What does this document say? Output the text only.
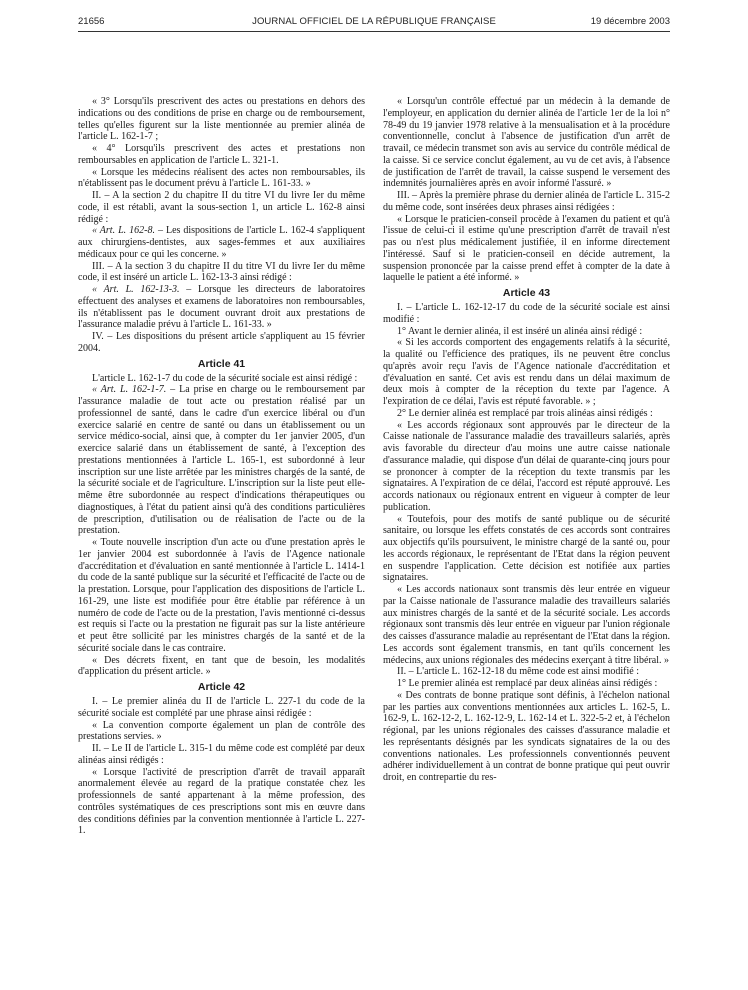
21656	JOURNAL OFFICIEL DE LA RÉPUBLIQUE FRANÇAISE	19 décembre 2003

« 3° Lorsqu'ils prescrivent des actes ou prestations en dehors des indications ou des conditions de prise en charge ou de remboursement, telles qu'elles figurent sur la liste mentionnée au premier alinéa de l'article L. 162-1-7 ;

« 4° Lorsqu'ils prescrivent des actes et prestations non remboursables en application de l'article L. 321-1.

« Lorsque les médecins réalisent des actes non remboursables, ils n'établissent pas le document prévu à l'article L. 161-33. »

II. – A la section 2 du chapitre II du titre VI du livre Ier du même code, il est rétabli, avant la sous-section 1, un article L. 162-8 ainsi rédigé :

« Art. L. 162-8. – Les dispositions de l'article L. 162-4 s'appliquent aux chirurgiens-dentistes, aux sages-femmes et aux auxiliaires médicaux pour ce qui les concerne. »

III. – A la section 3 du chapitre II du titre VI du livre Ier du même code, il est inséré un article L. 162-13-3 ainsi rédigé :

« Art. L. 162-13-3. – Lorsque les directeurs de laboratoires effectuent des analyses et examens de laboratoires non remboursables, ils n'établissent pas le document ouvrant droit aux prestations de l'assurance maladie prévu à l'article L. 161-33. »

IV. – Les dispositions du présent article s'appliquent au 15 février 2004.

Article 41

L'article L. 162-1-7 du code de la sécurité sociale est ainsi rédigé :

« Art. L. 162-1-7. – La prise en charge ou le remboursement par l'assurance maladie de tout acte ou prestation réalisé par un professionnel de santé, dans le cadre d'un exercice libéral ou d'un exercice salarié en centre de santé ou dans un établissement ou un service médico-social, ainsi que, à compter du 1er janvier 2005, d'un exercice salarié dans un établissement de santé, à l'exception des prestations mentionnées à l'article L. 165-1, est subordonné à leur inscription sur une liste arrêtée par les ministres chargés de la santé, de la sécurité sociale et de l'agriculture. L'inscription sur la liste peut elle-même être subordonnée au respect d'indications thérapeutiques ou diagnostiques, à l'état du patient ainsi qu'à des conditions particulières de prescription, d'utilisation ou de réalisation de l'acte ou de la prestation.

« Toute nouvelle inscription d'un acte ou d'une prestation après le 1er janvier 2004 est subordonnée à l'avis de l'Agence nationale d'accréditation et d'évaluation en santé mentionnée à l'article L. 1414-1 du code de la santé publique sur la sécurité et l'efficacité de l'acte ou de la prestation. Lorsque, pour l'application des dispositions de l'article L. 161-29, une liste est modifiée pour être établie par référence à un numéro de code de l'acte ou de la prestation, l'avis mentionné ci-dessus est requis si l'acte ou la prestation ne figurait pas sur la liste antérieure et peut être sollicité par les ministres chargés de la santé et de la sécurité sociale dans le cas contraire.

« Des décrets fixent, en tant que de besoin, les modalités d'application du présent article. »

Article 42

I. – Le premier alinéa du II de l'article L. 227-1 du code de la sécurité sociale est complété par une phrase ainsi rédigée :

« La convention comporte également un plan de contrôle des prestations servies. »

II. – Le II de l'article L. 315-1 du même code est complété par deux alinéas ainsi rédigés :

« Lorsque l'activité de prescription d'arrêt de travail apparaît anormalement élevée au regard de la pratique constatée chez les professionnels de santé appartenant à la même profession, des contrôles systématiques de ces prescriptions sont mis en œuvre dans des conditions définies par la convention mentionnée à l'article L. 227-1.

« Lorsqu'un contrôle effectué par un médecin à la demande de l'employeur, en application du dernier alinéa de l'article 1er de la loi n° 78-49 du 19 janvier 1978 relative à la mensualisation et à la procédure conventionnelle, conclut à l'absence de justification d'un arrêt de travail, ce médecin transmet son avis au service du contrôle médical de la caisse. Si ce service conclut également, au vu de cet avis, à l'absence de justification de l'arrêt de travail, la caisse suspend le versement des indemnités journalières après en avoir informé l'assuré. »

III. – Après la première phrase du dernier alinéa de l'article L. 315-2 du même code, sont insérées deux phrases ainsi rédigées :

« Lorsque le praticien-conseil procède à l'examen du patient et qu'à l'issue de celui-ci il estime qu'une prescription d'arrêt de travail n'est pas ou n'est plus médicalement justifiée, il en informe directement l'intéressé. Sauf si le praticien-conseil en décide autrement, la suspension prononcée par la caisse prend effet à compter de la date à laquelle le patient a été informé. »

Article 43

I. – L'article L. 162-12-17 du code de la sécurité sociale est ainsi modifié :

1° Avant le dernier alinéa, il est inséré un alinéa ainsi rédigé :

« Si les accords comportent des engagements relatifs à la sécurité, la qualité ou l'efficience des pratiques, ils ne peuvent être conclus qu'après avoir reçu l'avis de l'Agence nationale d'accréditation et d'évaluation en santé. Cet avis est rendu dans un délai maximum de deux mois à compter de la réception du texte par l'agence. A l'expiration de ce délai, l'avis est réputé favorable. » ;

2° Le dernier alinéa est remplacé par trois alinéas ainsi rédigés :

« Les accords régionaux sont approuvés par le directeur de la Caisse nationale de l'assurance maladie des travailleurs salariés, après avis favorable du directeur d'au moins une autre caisse nationale d'assurance maladie, qui dispose d'un délai de quarante-cinq jours pour se prononcer à compter de la réception du texte transmis par les signataires. A l'expiration de ce délai, l'accord est réputé approuvé. Les accords nationaux ou régionaux entrent en vigueur à compter de leur publication.

« Toutefois, pour des motifs de santé publique ou de sécurité sanitaire, ou lorsque les effets constatés de ces accords sont contraires aux objectifs qu'ils poursuivent, le ministre chargé de la santé ou, pour les accords régionaux, le représentant de l'Etat dans la région peuvent en suspendre l'application. Cette décision est notifiée aux parties signataires.

« Les accords nationaux sont transmis dès leur entrée en vigueur par la Caisse nationale de l'assurance maladie des travailleurs salariés aux ministres chargés de la santé et de la sécurité sociale. Les accords régionaux sont transmis dès leur entrée en vigueur par l'union régionale des caisses d'assurance maladie au représentant de l'Etat dans la région. Les accords sont également transmis, en tant qu'ils concernent les médecins, aux unions régionales des médecins exerçant à titre libéral. »

II. – L'article L. 162-12-18 du même code est ainsi modifié :

1° Le premier alinéa est remplacé par deux alinéas ainsi rédigés :

« Des contrats de bonne pratique sont définis, à l'échelon national par les parties aux conventions mentionnées aux articles L. 162-5, L. 162-9, L. 162-12-2, L. 162-12-9, L. 162-14 et L. 322-5-2 et, à l'échelon régional, par les unions régionales des caisses d'assurance maladie et les représentants désignés par les syndicats signataires de la ou des conventions nationales. Les professionnels conventionnés peuvent adhérer individuellement à un contrat de bonne pratique qui peut ouvrir droit, en contrepartie du res-
